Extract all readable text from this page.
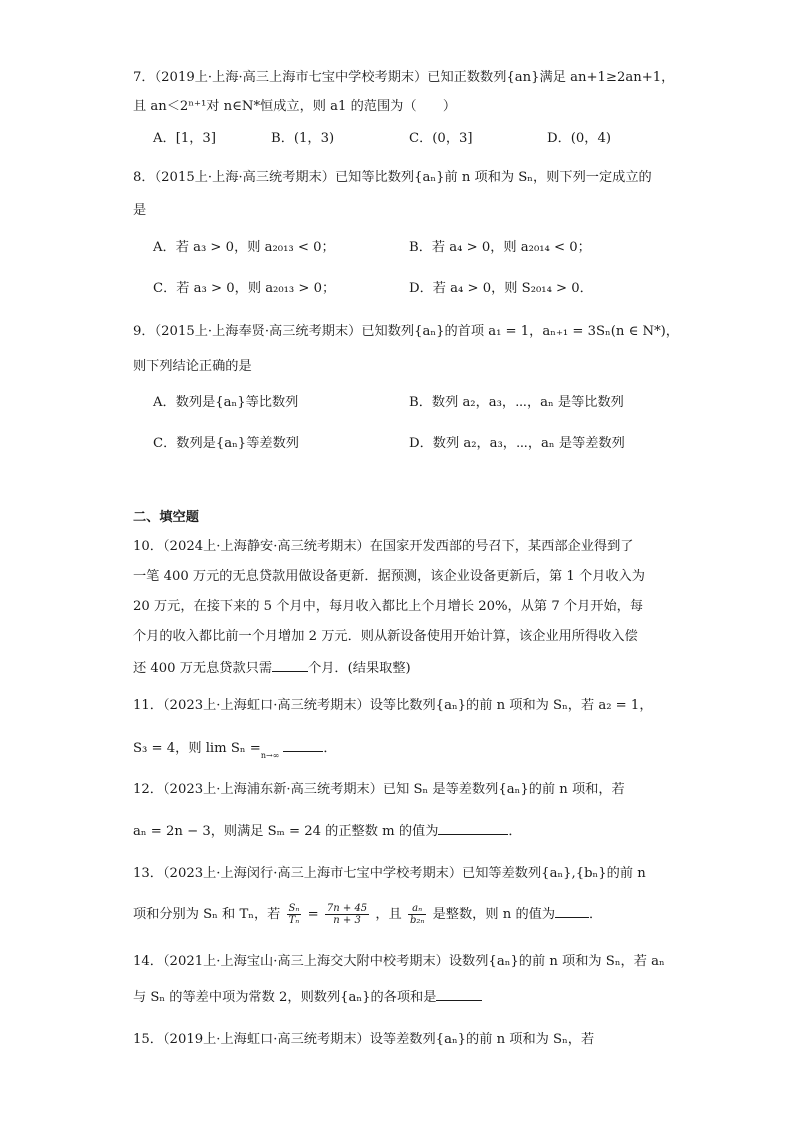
7．（2019上·上海·高三上海市七宝中学校考期末）已知正数数列{an}满足 an+1≥2an+1，
且 an＜2ⁿ⁺¹对 n∈N*恒成立，则 a1 的范围为（　　）
A．[1，3]	B．(1，3)	C．(0，3]	D．(0，4)
8．（2015上·上海·高三统考期末）已知等比数列{aₙ}前 n 项和为 Sₙ，则下列一定成立的
是
A．若 a₃ > 0，则 a₂₀₁₃ < 0；	B．若 a₄ > 0，则 a₂₀₁₄ < 0；
C．若 a₃ > 0，则 a₂₀₁₃ > 0；	D．若 a₄ > 0，则 S₂₀₁₄ > 0．
9．（2015上·上海奉贤·高三统考期末）已知数列{aₙ}的首项 a₁ = 1，aₙ₊₁ = 3Sₙ(n ∈ N*)，
则下列结论正确的是
A．数列是{aₙ}等比数列	B．数列 a₂，a₃，⋯，aₙ 是等比数列
C．数列是{aₙ}等差数列	D．数列 a₂，a₃，⋯，aₙ 是等差数列
二、填空题
10．（2024上·上海静安·高三统考期末）在国家开发西部的号召下，某西部企业得到了
一笔 400 万元的无息贷款用做设备更新．据预测，该企业设备更新后，第 1 个月收入为
20 万元，在接下来的 5 个月中，每月收入都比上个月增长 20%，从第 7 个月开始，每
个月的收入都比前一个月增加 2 万元．则从新设备使用开始计算，该企业用所得收入偿
还 400 万无息贷款只需	个月．(结果取整)
11．（2023上·上海虹口·高三统考期末）设等比数列{aₙ}的前 n 项和为 Sₙ，若 a₂ = 1，
S₃ = 4，则 $\lim S_n =_{n\to\infty}$	．
12．（2023上·上海浦东新·高三统考期末）已知 Sₙ 是等差数列{aₙ}的前 n 项和，若
aₙ = 2n − 3，则满足 Sₘ = 24 的正整数 m 的值为	．
13．（2023上·上海闵行·高三上海市七宝中学校考期末）已知等差数列{aₙ},{bₙ}的前 n
项和分别为 Sₙ 和 Tₙ，若 $\frac{\text{Sₙ}}{\text{Tₙ}} = \frac{7n + 45}{n + 3}$ ，且 $\frac{\text{aₙ}}{\text{b₂ₙ}}$ 是整数，则 n 的值为	．
14．（2021上·上海宝山·高三上海交大附中校考期末）设数列{aₙ}的前 n 项和为 Sₙ，若 aₙ
与 Sₙ 的等差中项为常数 2，则数列{aₙ}的各项和是
15．（2019上·上海虹口·高三统考期末）设等差数列{aₙ}的前 n 项和为 Sₙ，若
